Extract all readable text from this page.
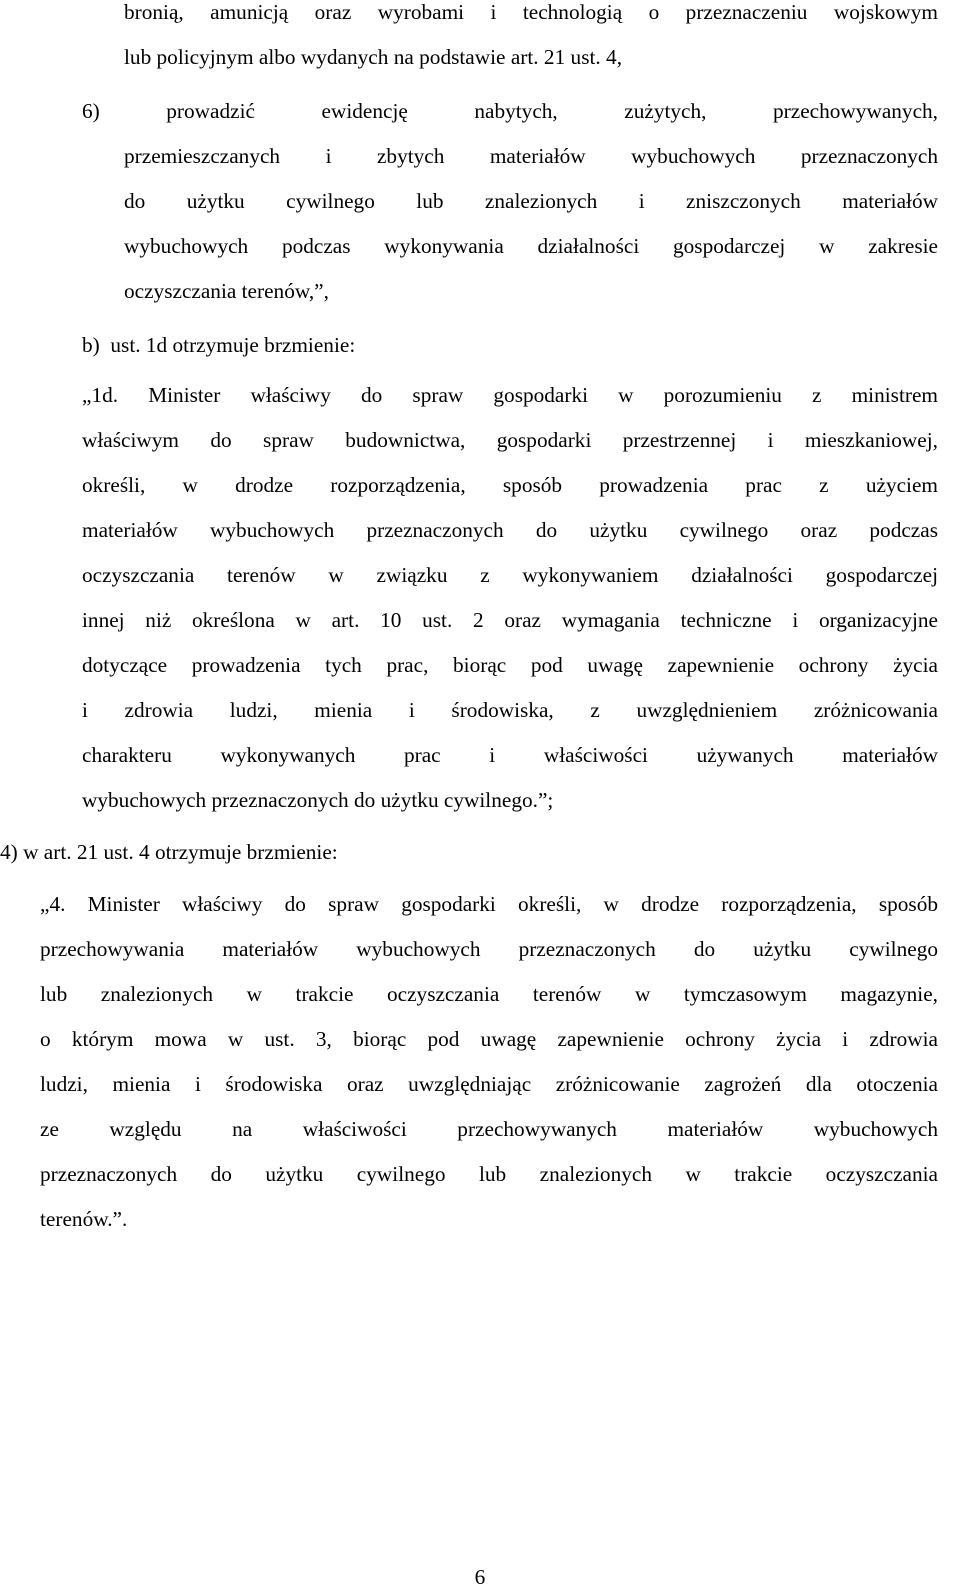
bronią, amunicją oraz wyrobami i technologią o przeznaczeniu wojskowym
lub policyjnym albo wydanych na podstawie art. 21 ust. 4,
6) prowadzić ewidencję nabytych, zużytych, przechowywanych,
przemieszczanych i zbytych materiałów wybuchowych przeznaczonych
do użytku cywilnego lub znalezionych i zniszczonych materiałów
wybuchowych podczas wykonywania działalności gospodarczej w zakresie
oczyszczania terenów,”,
b)  ust. 1d otrzymuje brzmienie:
„1d. Minister właściwy do spraw gospodarki w porozumieniu z ministrem
właściwym do spraw budownictwa, gospodarki przestrzennej i mieszkaniowej,
określi, w drodze rozporządzenia, sposób prowadzenia prac z użyciem
materiałów wybuchowych przeznaczonych do użytku cywilnego oraz podczas
oczyszczania terenów w związku z wykonywaniem działalności gospodarczej
innej niż określona w art. 10 ust. 2 oraz wymagania techniczne i organizacyjne
dotyczące prowadzenia tych prac, biorąc pod uwagę zapewnienie ochrony życia
i zdrowia ludzi, mienia i środowiska, z uwzględnieniem zróżnicowania
charakteru wykonywanych prac i właściwości używanych materiałów
wybuchowych przeznaczonych do użytku cywilnego.”;
4) w art. 21 ust. 4 otrzymuje brzmienie:
„4. Minister właściwy do spraw gospodarki określi, w drodze rozporządzenia, sposób
przechowywania materiałów wybuchowych przeznaczonych do użytku cywilnego
lub znalezionych w trakcie oczyszczania terenów w tymczasowym magazynie,
o którym mowa w ust. 3, biorąc pod uwagę zapewnienie ochrony życia i zdrowia
ludzi, mienia i środowiska oraz uwzględniając zróżnicowanie zagrożeń dla otoczenia
ze względu na właściwości przechowywanych materiałów wybuchowych
przeznaczonych do użytku cywilnego lub znalezionych w trakcie oczyszczania
terenów.”.
6
